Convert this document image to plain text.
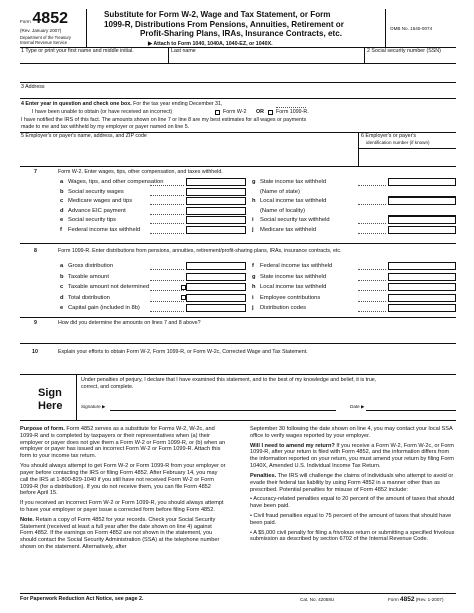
Form 4852
(Rev. January 2007)
Department of the Treasury
Internal Revenue Service
Substitute for Form W-2, Wage and Tax Statement, or Form
1099-R, Distributions From Pensions, Annuities, Retirement or
Profit-Sharing Plans, IRAs, Insurance Contracts, etc.
▶ Attach to Form 1040, 1040A, 1040-EZ, or 1040X.
OMB No. 1545-0074
1 Type or print your first name and middle initial.	Last name	2 Social security number (SSN)
3 Address
4 Enter year in question and check one box. For the tax year ending December 31,
I have been unable to obtain (or have received an incorrect)	Form W-2 OR Form 1099-R.
I have notified the IRS of this fact. The amounts shown on line 7 or line 8 are my best estimates for all wages or payments
made to me and tax withheld by my employer or payer named on line 5.
5 Employer's or payer's name, address, and ZIP code	6 Employer's or payer's
identification number (if known)
7	Form W-2. Enter wages, tips, other compensation, and taxes withheld.
8	Form 1099-R. Enter distributions from pensions, annuities, retirement/profit-sharing plans, IRAs, insurance contracts, etc.
9	How did you determine the amounts on lines 7 and 8 above?
10	Explain your efforts to obtain Form W-2, Form 1099-R, or Form W-2c, Corrected Wage and Tax Statement.
Sign
Here
Under penalties of perjury, I declare that I have examined this statement, and to the best of my knowledge and belief, it is true,
correct, and complete.
Signature ▶	Date ▶

Purpose of form. Form 4852 serves as a substitute for Forms W-2, W-2c, and 1099-R and is completed by taxpayers or their representatives when (a) their employer or payer does not give them a Form W-2 or Form 1099-R, or (b) when an employer or payer has issued an incorrect Form W-2 or Form 1099-R. Attach this form to your income tax return.

You should always attempt to get Form W-2 or Form 1099-R from your employer or payer before contacting the IRS or filing Form 4852. After February 14, you may call the IRS at 1-800-829-1040 if you still have not received Form W-2 or Form 1099-R (for a distribution). If you do not receive them, you can file Form 4852 before April 15.

If you received an incorrect Form W-2 or Form 1099-R, you should always attempt to have your employer or payer issue a corrected form before filing Form 4852.

Note. Retain a copy of Form 4852 for your records. Check your Social Security Statement (received at least a full year after the date shown on line 4) against Form 4852. If the earnings on Form 4852 are not shown in the statement, you should contact the Social Security Administration (SSA) at the telephone number shown on the statement. Alternatively, after

September 30 following the date shown on line 4, you may contact your local SSA office to verify wages reported by your employer.

Will I need to amend my return? If you receive a Form W-2, Form W-2c, or Form 1099-R, after your return is filed with Form 4852, and the information differs from the information reported on your return, you must amend your return by filing Form 1040X, Amended U.S. Individual Income Tax Return.

Penalties. The IRS will challenge the claims of individuals who attempt to avoid or evade their federal tax liability by using Form 4852 in a manner other than as prescribed. Potential penalties for misuse of Form 4852 include:

• Accuracy-related penalties equal to 20 percent of the amount of taxes that should have been paid.

• Civil fraud penalties equal to 75 percent of the amount of taxes that should have been paid.

• A $5,000 civil penalty for filing a frivolous return or submitting a specified frivolous submission as described by section 6702 of the Internal Revenue Code.

For Paperwork Reduction Act Notice, see page 2.	Cat. No. 42058U	Form 4852 (Rev. 1-2007)
a Wages, tips, and other compensation
b Social security wages
c Medicare wages and tips
d Advance EIC payment
e Social security tips
f Federal income tax withheld
g State income tax withheld
(Name of state)
h Local income tax withheld
(Name of locality)
i Social security tax withheld
j Medicare tax withheld
a Gross distribution
b Taxable amount
c Taxable amount not determined
d Total distribution
e Capital gain (included in 8b)
f Federal income tax withheld
g State income tax withheld
h Local income tax withheld
i Employee contributions
j Distribution codes
